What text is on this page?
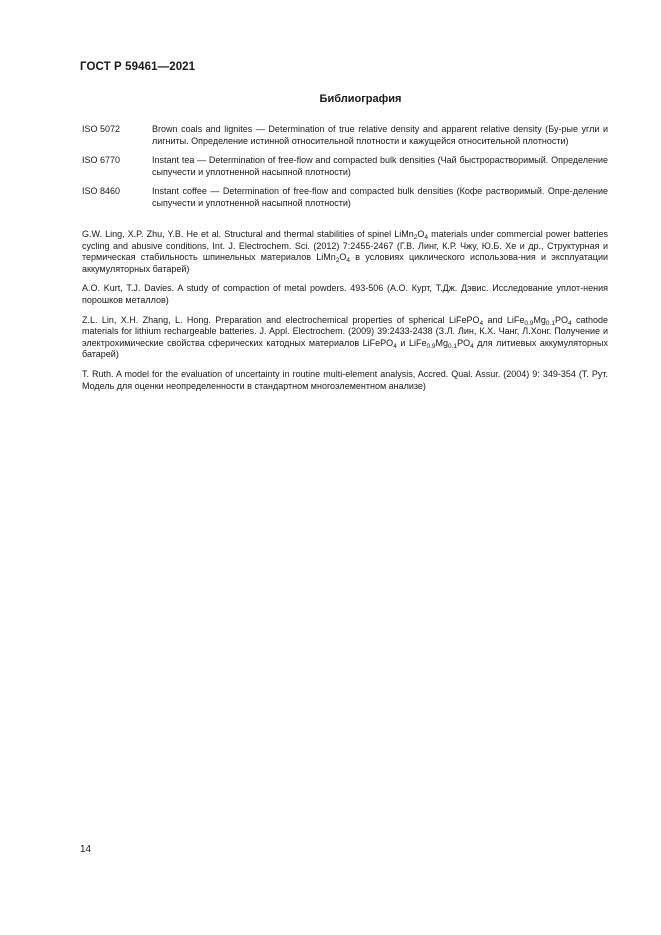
ГОСТ Р 59461—2021
Библиография
ISO 5072	Brown coals and lignites — Determination of true relative density and apparent relative density (Бу-рые угли и лигниты. Определение истинной относительной плотности и кажущейся относительной плотности)
ISO 6770	Instant tea — Determination of free-flow and compacted bulk densities (Чай быстрорастворимый. Определение сыпучести и уплотненной насыпной плотности)
ISO 8460	Instant coffee — Determination of free-flow and compacted bulk densities (Кофе растворимый. Опре-деление сыпучести и уплотненной насыпной плотности)
G.W. Ling, X.P. Zhu, Y.B. He et al. Structural and thermal stabilities of spinel $LiMn_2O_4$ materials under commercial power batteries cycling and abusive conditions, Int. J. Electrochem. Sci. (2012) 7:2455-2467 (Г.В. Линг, К.Р. Чжу, Ю.Б. Хе и др., Структурная и термическая стабильность шпинельных материалов $LiMn_2O_4$ в условиях циклического использова-ния и эксплуатации аккумуляторных батарей)
A.O. Kurt, T.J. Davies. A study of compaction of metal powders. 493-506 (А.О. Курт, Т.Дж. Дэвис. Исследование уплот-нения порошков металлов)
Z.L. Lin, X.H. Zhang, L. Hong. Preparation and electrochemical properties of spherical LiFePO$_4$ and $LiFe_{0.9}Mg_{0.1}PO_4$ cathode materials for lithium rechargeable batteries. J. Appl. Electrochem. (2009) 39:2433-2438 (З.Л. Лин, К.Х. Чанг, Л.Хонг. Получение и электрохимические свойства сферических катодных материалов LiFePO$_4$ и $LiFe_{0.9}Mg_{0.1}PO_4$ для литиевых аккумуляторных батарей)
T. Ruth. A model for the evaluation of uncertainty in routine multi-element analysis, Accred. Qual. Assur. (2004) 9: 349-354 (Т. Рут. Модель для оценки неопределенности в стандартном многоэлементном анализе)
14
